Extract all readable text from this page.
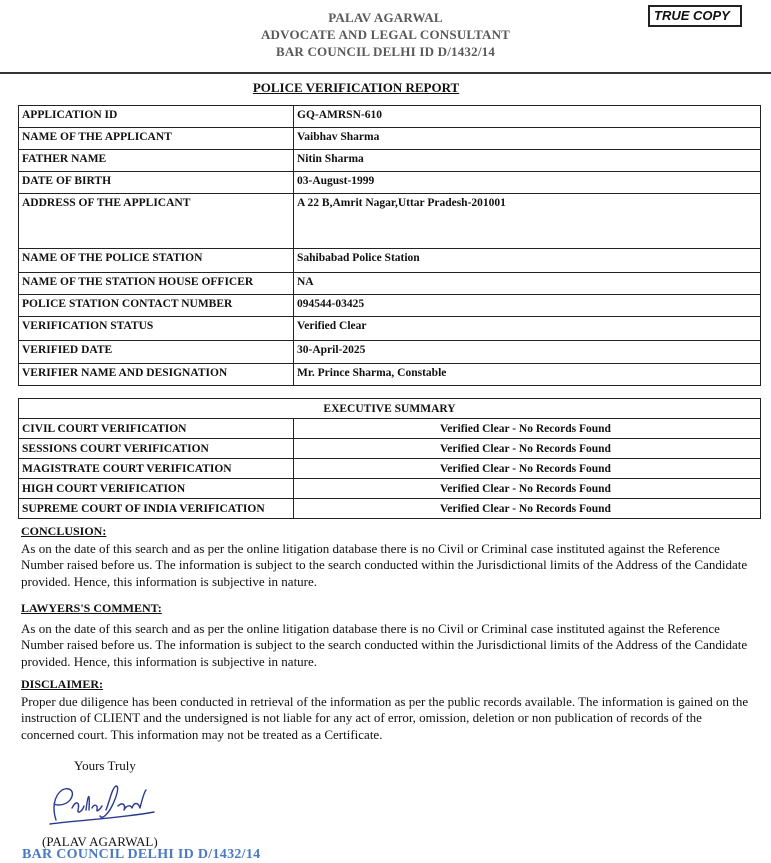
PALAV AGARWAL
ADVOCATE AND LEGAL CONSULTANT
BAR COUNCIL DELHI ID D/1432/14
TRUE COPY
POLICE VERIFICATION REPORT
APPLICATION ID	GQ-AMRSN-610
NAME OF THE APPLICANT	Vaibhav Sharma
FATHER NAME	Nitin Sharma
DATE OF BIRTH	03-August-1999
ADDRESS OF THE APPLICANT	A 22 B,Amrit Nagar,Uttar Pradesh-201001
NAME OF THE POLICE STATION	Sahibabad Police Station
NAME OF THE STATION HOUSE OFFICER	NA
POLICE STATION CONTACT NUMBER	094544-03425
VERIFICATION STATUS	Verified Clear
VERIFIED DATE	30-April-2025
VERIFIER NAME AND DESIGNATION	Mr. Prince Sharma, Constable
EXECUTIVE SUMMARY	
CIVIL COURT VERIFICATION	Verified Clear - No Records Found
SESSIONS COURT VERIFICATION	Verified Clear - No Records Found
MAGISTRATE COURT VERIFICATION	Verified Clear - No Records Found
HIGH COURT VERIFICATION	Verified Clear - No Records Found
SUPREME COURT OF INDIA VERIFICATION	Verified Clear - No Records Found
CONCLUSION:
As on the date of this search and as per the online litigation database there is no Civil or Criminal case instituted against the Reference Number raised before us. The information is subject to the search conducted within the Jurisdictional limits of the Address of the Candidate provided. Hence, this information is subjective in nature.
LAWYERS'S COMMENT:
As on the date of this search and as per the online litigation database there is no Civil or Criminal case instituted against the Reference Number raised before us. The information is subject to the search conducted within the Jurisdictional limits of the Address of the Candidate provided. Hence, this information is subjective in nature.
DISCLAIMER:
Proper due diligence has been conducted in retrieval of the information as per the public records available. The information is gained on the instruction of CLIENT and the undersigned is not liable for any act of error, omission, deletion or non publication of records of the concerned court. This information may not be treated as a Certificate.
Yours Truly
(PALAV AGARWAL)
BAR COUNCIL DELHI ID D/1432/14
